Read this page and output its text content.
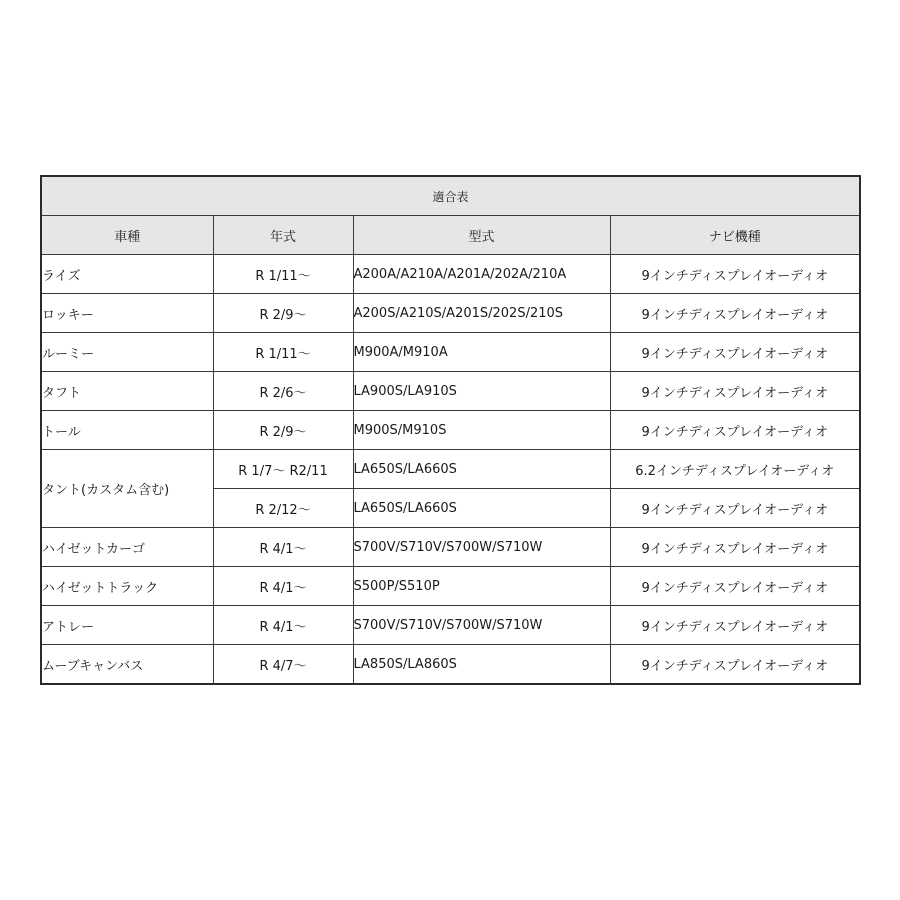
適合表			
車種	年式	型式	ナビ機種
ライズ	R 1/11～	A200A/A210A/A201A/202A/210A	9インチディスプレイオーディオ
ロッキー	R 2/9～	A200S/A210S/A201S/202S/210S	9インチディスプレイオーディオ
ルーミー	R 1/11～	M900A/M910A	9インチディスプレイオーディオ
タフト	R 2/6～	LA900S/LA910S	9インチディスプレイオーディオ
トール	R 2/9～	M900S/M910S	9インチディスプレイオーディオ
タント(カスタム含む)	R 1/7～ R2/11	LA650S/LA660S	6.2インチディスプレイオーディオ
	R 2/12～	LA650S/LA660S	9インチディスプレイオーディオ
ハイゼットカーゴ	R 4/1～	S700V/S710V/S700W/S710W	9インチディスプレイオーディオ
ハイゼットトラック	R 4/1～	S500P/S510P	9インチディスプレイオーディオ
アトレー	R 4/1～	S700V/S710V/S700W/S710W	9インチディスプレイオーディオ
ムーブキャンバス	R 4/7～	LA850S/LA860S	9インチディスプレイオーディオ
